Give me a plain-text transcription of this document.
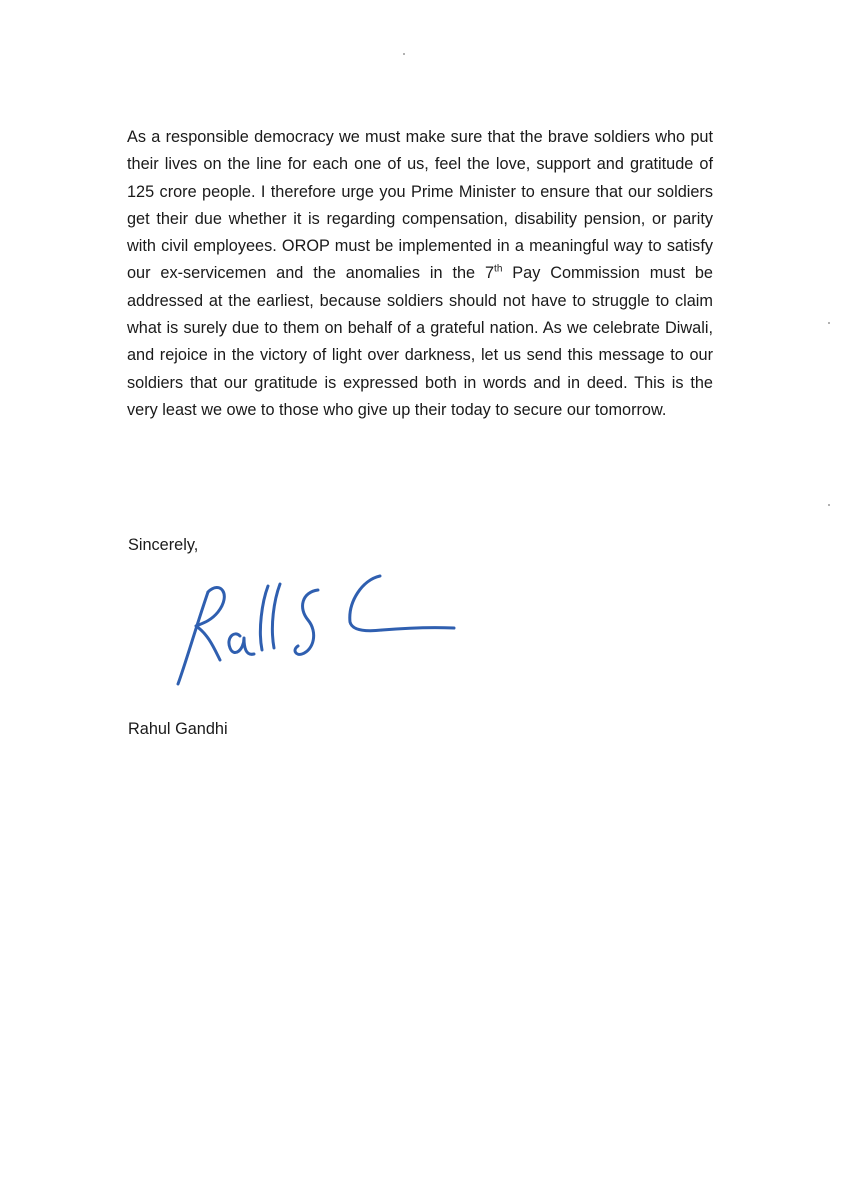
As a responsible democracy we must make sure that the brave soldiers who put their lives on the line for each one of us, feel the love, support and gratitude of 125 crore people. I therefore urge you Prime Minister to ensure that our soldiers get their due whether it is regarding compensation, disability pension, or parity with civil employees. OROP must be implemented in a meaningful way to satisfy our ex-servicemen and the anomalies in the 7th Pay Commission must be addressed at the earliest, because soldiers should not have to struggle to claim what is surely due to them on behalf of a grateful nation. As we celebrate Diwali, and rejoice in the victory of light over darkness, let us send this message to our soldiers that our gratitude is expressed both in words and in deed. This is the very least we owe to those who give up their today to secure our tomorrow.

Sincerely,

Rahul Gandhi
